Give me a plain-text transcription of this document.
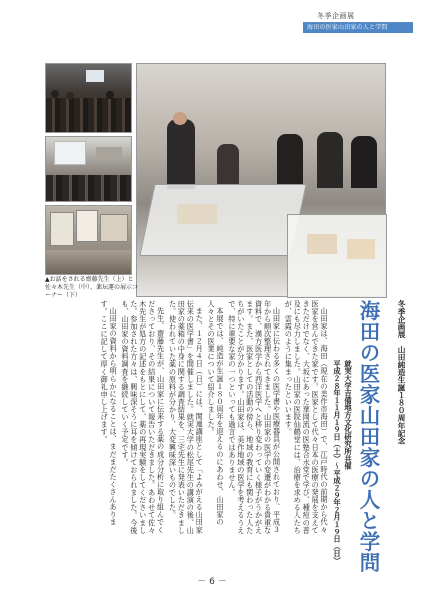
冬季企画展
海田の医家山田家の人と学問
▲お話をされる齋藤先生（上）と佐々木先生（中）、薬坛運の展示コーナー（下）
冬季企画展　山田純造生誕１８０周年記念
海田の医家山田家の人と学問
就実大学吉備地方文化研究所共催
平成２８年１１月１９日（土）～平成２９年２月１９日（日）

山田家は、海田（現在の美作市海田）で、江戸時代の前期から代々医家を営んできた家です。医家として代々日本の医療の発展を支えてきただけでなく、大坂にあった華岡流の医塾合水堂で学び、種痘の普及にも尽力しました。山田家の医院仙鶴堂には、治療を求める人たちが、雲霞のように集まったといいます。

山田家に伝わる多くの医学書や医療器具が公開されており、平成３年から順次整理されてきました。山田家の医学の変遷がわかる貴重な資料で、漢方医学から西洋医学へと移り変わっていく様子がうかがえます。また、医家としての活動の傍ら、地域の教育にも関わった人たちがいたことが分かります。山田家は、美作地域の医学を考えるうえで、特に重要な家の一つといっても過言ではありません。

本展では、純造が生誕１８０周年を迎えるのにあわせ、山田家の人々とその医業について紹介しました。

また、１２月４日（日）には、関連講座として「よみがえる山田家伝来の医学書」を開催しました。就実大学の松尾先生の講演の後、山田家の薬箱の中身に関する調査結果を、三宅先生に発表いただきました。使われていた薬の原料が分かり、大変興味深いものでした。

先生、齋藤先生が、山田家に伝来する薬の成分分析に取り組んでくださっており、その結果について報告いただきました。あわせて佐々木先生が処方の記述をもとにして、薬の再現実験をしてくださいました。参加された方々は、興味深そうに耳を傾けておられました。今後も、山田家の資料調査を継続していく予定です。

山田家の資料から明らかになることは、まだまだたくさんあります。ここに記して厚く御礼申し上げます。

－ 6 －
